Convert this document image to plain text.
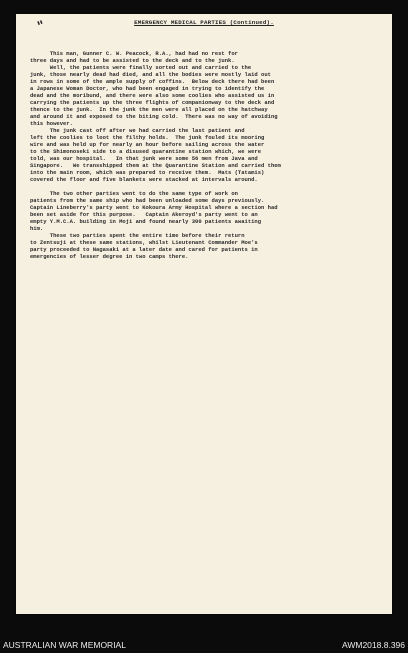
"	EMERGENCY MEDICAL PARTIES (Continued).
This man, Gunner C. W. Peacock, R.A., had had no rest for
three days and had to be assisted to the deck and to the junk.
Well, the patients were finally sorted out and carried to the
junk, those nearly dead had died, and all the bodies were mostly laid out
in rows in some of the ample supply of coffins.  Below deck there had been
a Japanese Woman Doctor, who had been engaged in trying to identify the
dead and the moribund, and there were also some coolies who assisted us in
carrying the patients up the three flights of companionway to the deck and
thence to the junk.  In the junk the men were all placed on the hatchway
and around it and exposed to the biting cold.  There was no way of avoiding
this however.
The junk cast off after we had carried the last patient and
left the coolies to loot the filthy holds.  The junk fouled its mooring
wire and was held up for nearly an hour before sailing across the water
to the Shimonoseki side to a disused quarantine station which, we were
told, was our hospital.   In that junk were some 56 men from Java and
Singapore.   We transshipped them at the Quarantine Station and carried them
into the main room, which was prepared to receive them.  Mats (Tatamis)
covered the floor and five blankets were stacked at intervals around.
The two other parties went to do the same type of work on
patients from the same ship who had been unloaded some days previously.
Captain Lineberry's party went to Kokoura Army Hospital where a section had
been set aside for this purpose.   Captain Akeroyd's party went to an
empty Y.M.C.A. building in Moji and found nearly 300 patients awaiting
him.
These two parties spent the entire time before their return
to Zentsuji at these same stations, whilst Lieutenant Commander Moe's
party proceeded to Nagasaki at a later date and cared for patients in
emergencies of lesser degree in two camps there.
AUSTRALIAN WAR MEMORIAL	AWM2018.8.396
